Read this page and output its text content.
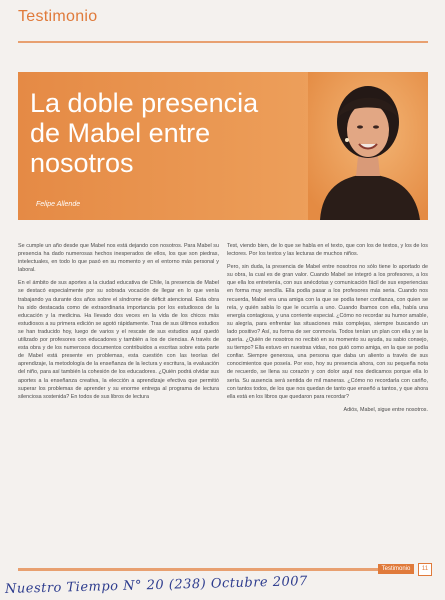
Testimonio
La doble presencia de Mabel entre nosotros
Felipe Allende

Se cumple un año desde que Mabel nos está dejando con nosotros. Para Mabel su presencia ha dado numerosas hechos inesperados de ellos, los que son piedras, intelectuales, en todo lo que pasó en su momento y en el entorno más personal y laboral.

En el ámbito de sus aportes a la ciudad educativa de Chile, la presencia de Mabel se destacó especialmente por su sobrada vocación de llegar en lo que venía trabajando ya durante dos años sobre el síndrome de déficit atencional. Esta obra ha sido destacada como de extraordinaria importancia por los estudiosos de la educación y la medicina. Ha llevado dos veces en la vida de los chicos más estudiosos a su primera edición se agotó rápidamente. Tras de sus últimos estudios se han traducido hoy, luego de varios y el rescate de sus estudios aquí quedó utilizado por profesores con educadores y también a los de ciencias. A través de esta obra y de los numerosos documentos contribuidos a escritas sobre esta parte de Mabel está presente en problemas, esta cuestión con las teorías del aprendizaje, la metodología de la enseñanza de la lectura y escritura, la evaluación del niño, para así también la cohesión de los educadores. ¿Quién podrá olvidar sus aportes a la enseñanza creativa, la elección a aprendizaje efectiva que permitió superar los problemas de aprender y su enorme entrega al programa de lectura silenciosa sostenida? En todos de sus libros de lectura

Test, viendo bien, de lo que se habla en el texto, que con los de textos, y los de los lectores. Por los textos y las lecturas de muchos niños.

Pero, sin duda, la presencia de Mabel entre nosotros no sólo tiene lo aportado de su obra, la cual es de gran valor. Cuando Mabel se integró a los profesores, a los que ella los entretenía, con sus anécdotas y comunicación fácil de sus experiencias en forma muy sencilla. Ella podía pasar a los profesores más seria. Cuando nos recuerda, Mabel era una amiga con la que se podía tener confianza, con quien se reía, y quién sabía lo que le ocurría a uno. Cuando íbamos con ella, había una energía contagiosa, y una corriente especial. ¿Cómo no recordar su humor amable, su alegría, para enfrentar las situaciones más complejas, siempre buscando un lado positivo? Así, su forma de ser conmovía. Todos tenían un plan con ella y se la quería. ¿Quién de nosotros no recibió en su momento su ayuda, su sabio consejo, su tiempo? Ella estuvo en nuestras vidas, nos guió como amiga, en la que se podía confiar. Siempre generosa, una persona que daba un aliento a través de sus conocimientos que poseía. Por eso, hoy su presencia ahora, con su pequeña nota de recuerdo, se llena su corazón y con dolor aquí nos dedicamos porque ella lo sería. Su ausencia será sentida de mil maneras. ¿Cómo no recordarla con cariño, con tantos todos, de los que nos quedan de tanto que enseñó a tantos, y que ahora ella está en los libros que quedaron para recordar?

Adiós, Mabel, sigue entre nosotros.

Testimonio	11
Nuestro Tiempo N° 20 (238) Octubre 2007
